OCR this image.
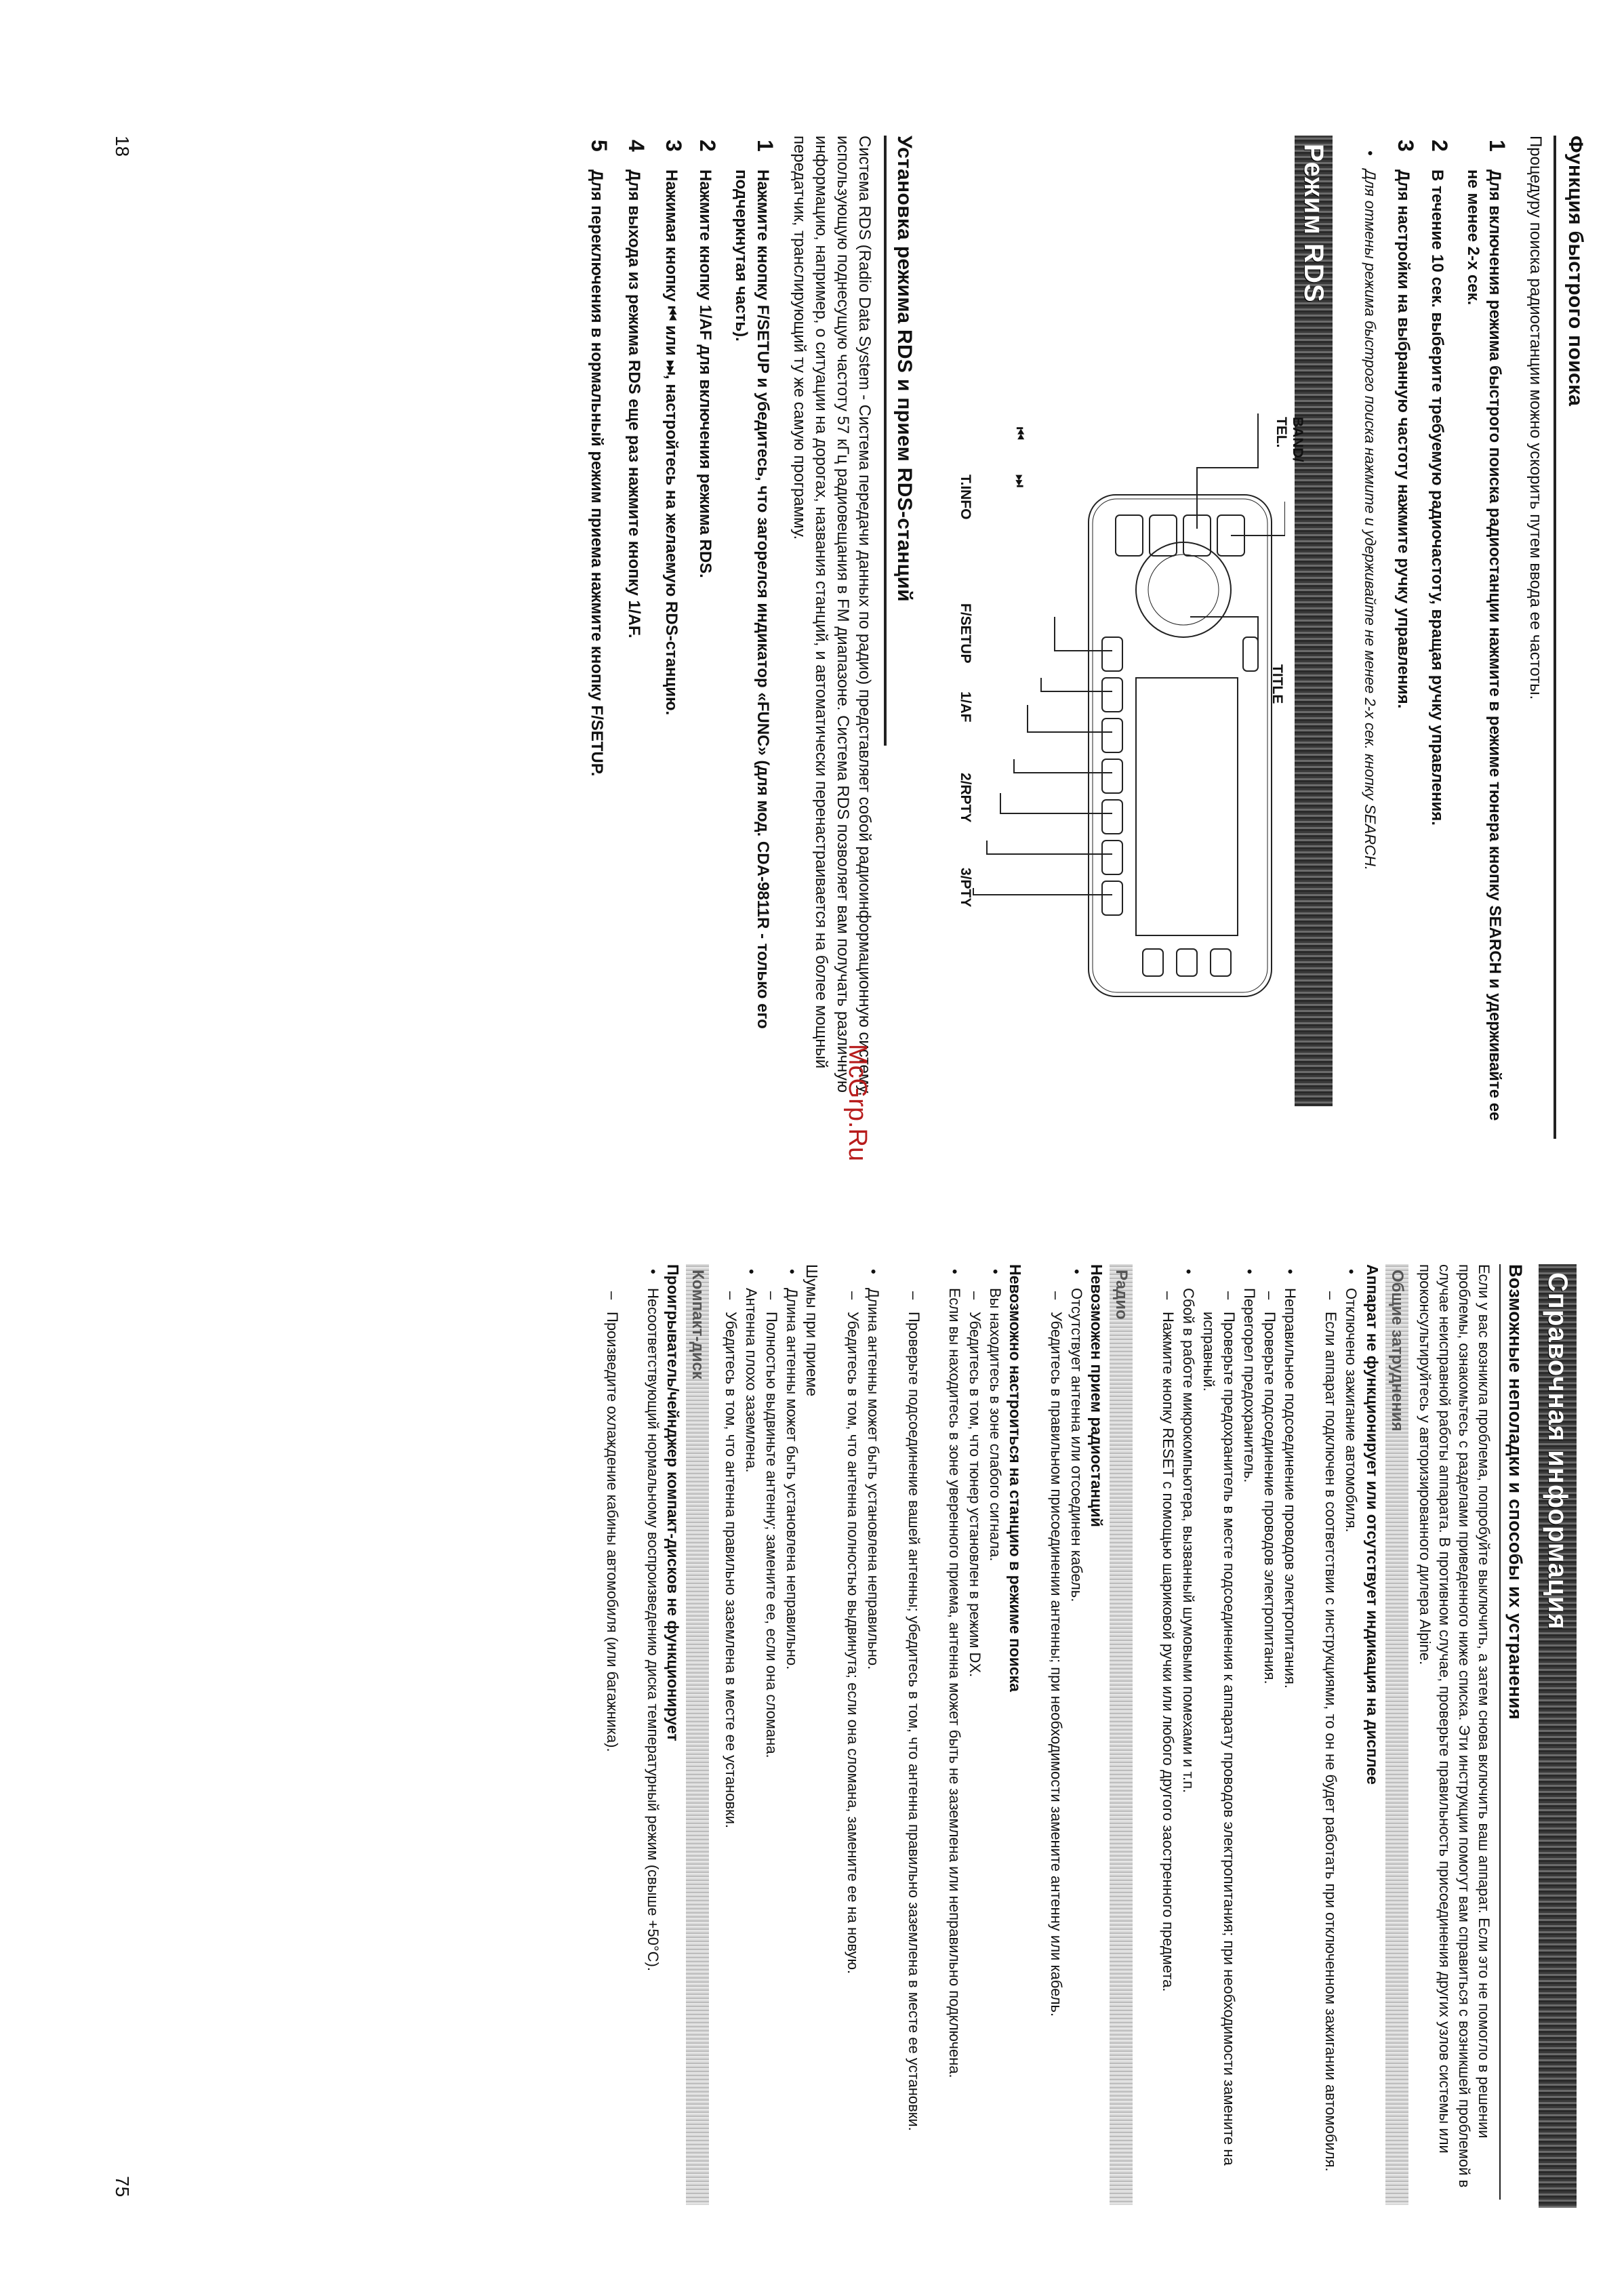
Функция быстрого поиска
Процедуру поиска радиостанции можно ускорить путем ввода ее частоты.
1
Для включения режима быстрого поиска радиостанции нажмите в режиме тюнера кнопку SEARCH и удерживайте ее не менее 2-х сек.
2
В течение 10 сек. выберите требуемую радиочастоту, вращая ручку управления.
3
Для настройки на выбранную частоту нажмите ручку управления.
• Для отмены режима быстрого поиска нажмите и удерживайте не менее 2-х сек. кнопку SEARCH.
Режим RDS
BAND/
TEL.
TITLE
⏮
⏭
T.INFO
F/SETUP
1/AF
2/RPTY
3/PTY
Установка режима RDS и прием RDS-станций
Система RDS (Radio Data System - Система передачи данных по радио) представляет собой радиоинформационную систему, использующую поднесущую частоту 57 кГц радиовещания в FM диапазоне. Система RDS позволяет вам получать различную информацию, например, о ситуации на дорогах, названия станций, и автоматически перенастраивается на более мощный передатчик, транслирующий ту же самую программу.
1
Нажмите кнопку F/SETUP и убедитесь, что загорелся индикатор «FUNC» (для мод. CDA-9811R - только его подчеркнутая часть).
2
Нажмите кнопку 1/AF для включения режима RDS.
3
Нажимая кнопку ⏮ или ⏭, настройтесь на желаемую RDS-станцию.
4
Для выхода из режима RDS еще раз нажмите кнопку 1/AF.
5
Для переключения в нормальный режим приема нажмите кнопку F/SETUP.
18
McGrp.Ru
Справочная информация
Возможные неполадки и способы их устранения
Если у вас возникла проблема, попробуйте выключить, а затем снова включить ваш аппарат. Если это не помогло в решении проблемы, ознакомьтесь с разделами приведенного ниже списка. Эти инструкции помогут вам справиться с возникшей проблемой в случае неисправной работы аппарата. В противном случае, проверьте правильность присоединения других узлов системы или проконсультируйтесь у авторизированного дилера Alpine.
Общие затруднения
Аппарат не функционирует или отсутствует индикация на дисплее
• Отключено зажигание автомобиля.
– Если аппарат подключен в соответствии с инструкциями, то он не будет работать при отключенном зажигании автомобиля.
• Неправильное подсоединение проводов электропитания.
– Проверьте подсоединение проводов электропитания.
• Перегорел предохранитель.
– Проверьте предохранитель в месте подсоединения к аппарату проводов электропитания; при необходимости замените на исправный.
• Сбой в работе микрокомпьютера, вызванный шумовыми помехами и т.п.
– Нажмите кнопку RESET с помощью шариковой ручки или любого другого заостренного предмета.
Радио
Невозможен прием радиостанций
• Отсутствует антенна или отсоединен кабель.
– Убедитесь в правильном присоединении антенны; при необходимости замените антенну или кабель.
Невозможно настроиться на станцию в режиме поиска
• Вы находитесь в зоне слабого сигнала.
– Убедитесь в том, что тюнер установлен в режим DX.
• Если вы находитесь в зоне уверенного приема, антенна может быть не заземлена или неправильно подключена.
– Проверьте подсоединение вашей антенны; убедитесь в том, что антенна правильно заземлена в месте ее установки.
• Длина антенны может быть установлена неправильно.
– Убедитесь в том, что антенна полностью выдвинута; если она сломана, замените ее на новую.
Шумы при приеме
• Длина антенны может быть установлена неправильно.
– Полностью выдвиньте антенну; замените ее, если она сломана.
• Антенна плохо заземлена.
– Убедитесь в том, что антенна правильно заземлена в месте ее установки.
Компакт-диск
Проигрыватель/чейнджер компакт-дисков не функционирует
• Несоответствующий нормальному воспроизведению диска температурный режим (свыше +50°C).
– Произведите охлаждение кабины автомобиля (или багажника).
75
